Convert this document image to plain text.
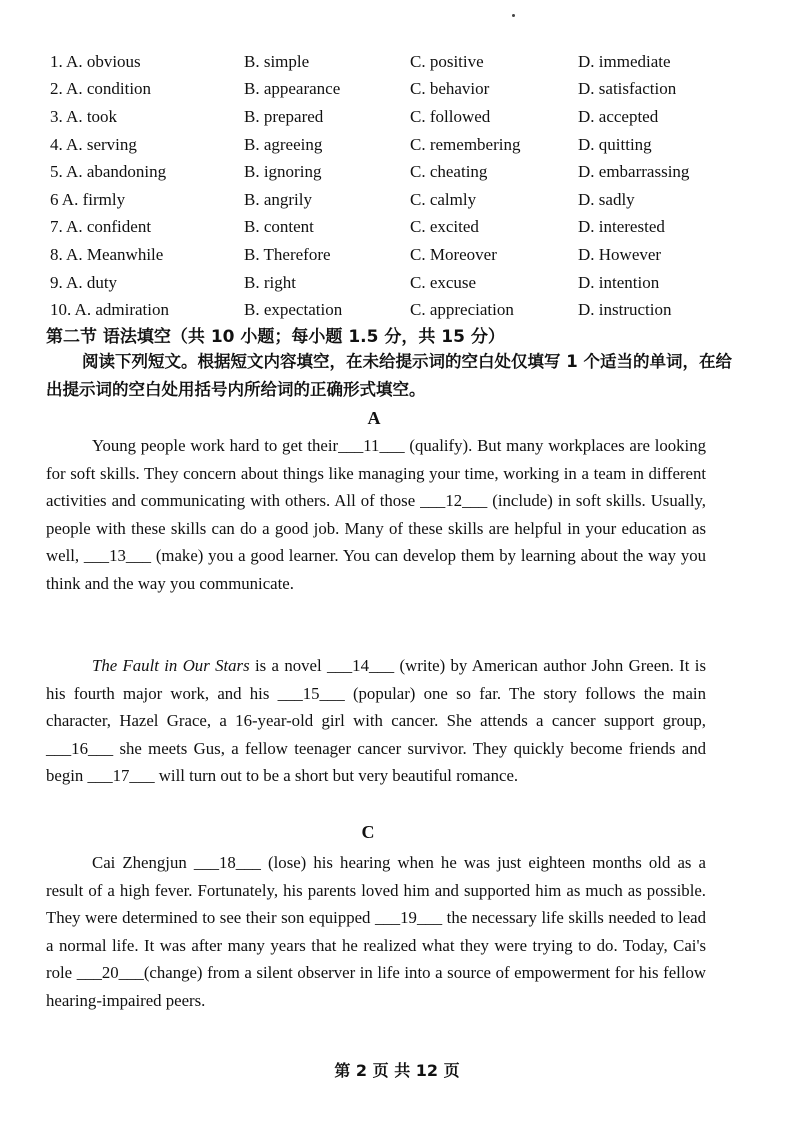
1. A. obvious	B. simple	C. positive	D. immediate
2. A. condition	B. appearance	C. behavior	D. satisfaction
3. A. took	B. prepared	C. followed	D. accepted
4. A. serving	B. agreeing	C. remembering	D. quitting
5. A. abandoning	B. ignoring	C. cheating	D. embarrassing
6 A. firmly	B. angrily	C. calmly	D. sadly
7. A. confident	B. content	C. excited	D. interested
8. A. Meanwhile	B. Therefore	C. Moreover	D. However
9. A. duty	B. right	C. excuse	D. intention
10. A. admiration	B. expectation	C. appreciation	D. instruction
第二节 语法填空（共 10 小题；每小题 1.5 分，共 15 分）
阅读下列短文。根据短文内容填空，在未给提示词的空白处仅填写 1 个适当的单词，在给出提示词的空白处用括号内所给词的正确形式填空。
A
Young people work hard to get their___11___ (qualify). But many workplaces are looking for soft skills. They concern about things like managing your time, working in a team in different activities and communicating with others. All of those ___12___ (include) in soft skills. Usually, people with these skills can do a good job. Many of these skills are helpful in your education as well, ___13___ (make) you a good learner. You can develop them by learning about the way you think and the way you communicate.
The Fault in Our Stars is a novel ___14___ (write) by American author John Green. It is his fourth major work, and his ___15___ (popular) one so far. The story follows the main character, Hazel Grace, a 16-year-old girl with cancer. She attends a cancer support group, ___16___ she meets Gus, a fellow teenager cancer survivor. They quickly become friends and begin ___17___ will turn out to be a short but very beautiful romance.
C
Cai Zhengjun ___18___ (lose) his hearing when he was just eighteen months old as a result of a high fever. Fortunately, his parents loved him and supported him as much as possible. They were determined to see their son equipped ___19___ the necessary life skills needed to lead a normal life. It was after many years that he realized what they were trying to do. Today, Cai's role ___20___(change) from a silent observer in life into a source of empowerment for his fellow hearing-impaired peers.
第 2 页 共 12 页
